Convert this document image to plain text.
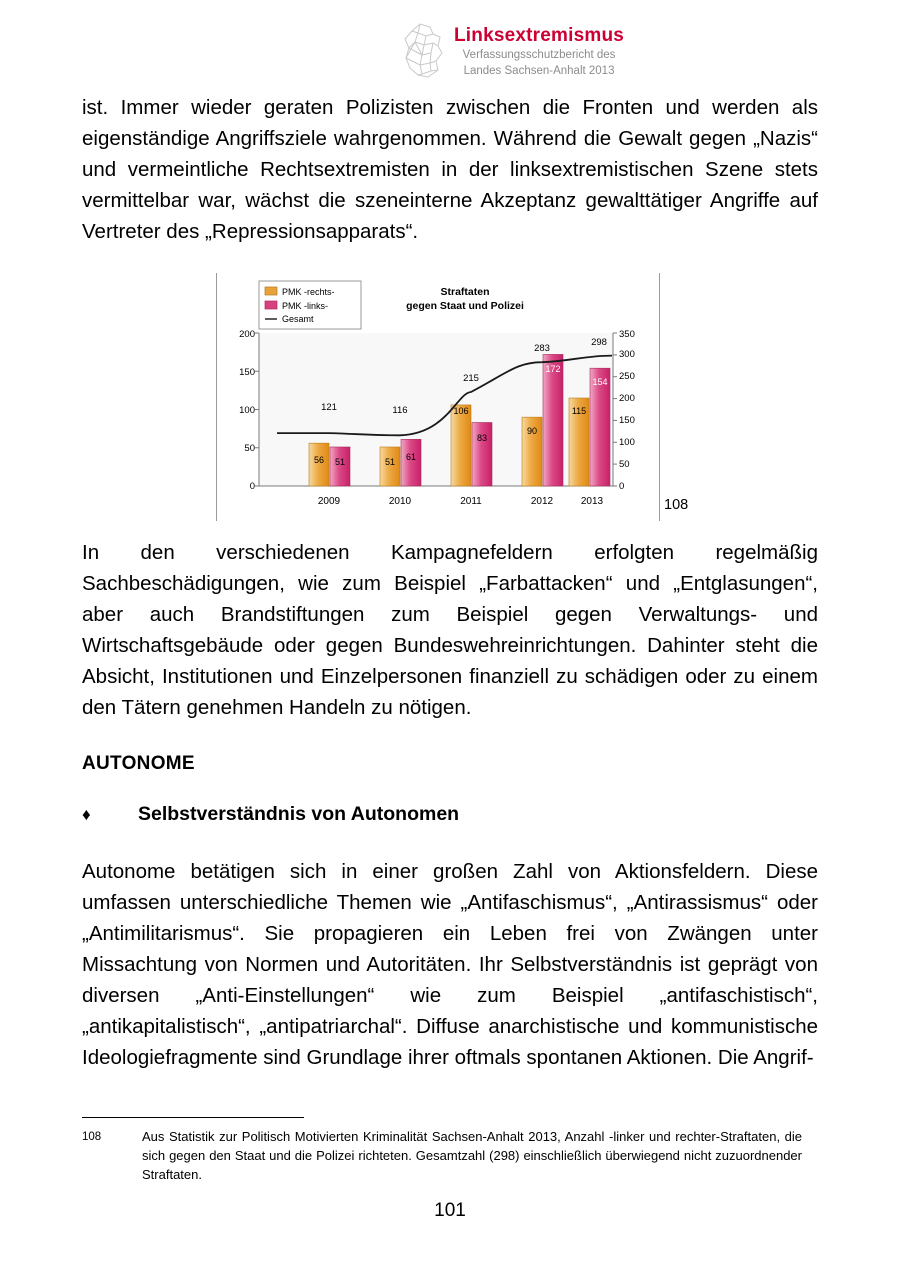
Linksextremismus
Verfassungsschutzbericht des
Landes Sachsen-Anhalt 2013

ist. Immer wieder geraten Polizisten zwischen die Fronten und werden als eigenständige Angriffsziele wahrgenommen. Während die Gewalt gegen „Nazis“ und vermeintliche Rechtsextremisten in der linksextremistischen Szene stets vermittelbar war, wächst die szeneinterne Akzeptanz gewalttätiger Angriffe auf Vertreter des „Repressionsapparats“.

PMK -rechts-
PMK -links-
Gesamt
Straftaten
gegen Staat und Polizei
0
50
100
150
200
0
50
100
150
200
250
300
350
56 51	51 61
106
83
90
172
115
154
121	116
215
283
298
2009	2010	2011	2012	2013	108

In den verschiedenen Kampagnefeldern erfolgten regelmäßig Sachbeschädigungen, wie zum Beispiel „Farbattacken“ und „Entglasungen“, aber auch Brandstiftungen zum Beispiel gegen Verwaltungs- und Wirtschaftsgebäude oder gegen Bundeswehreinrichtungen. Dahinter steht die Absicht, Institutionen und Einzelpersonen finanziell zu schädigen oder zu einem den Tätern genehmen Handeln zu nötigen.

AUTONOME
♦	Selbstverständnis von Autonomen

Autonome betätigen sich in einer großen Zahl von Aktionsfeldern. Diese umfassen unterschiedliche Themen wie „Antifaschismus“, „Antirassismus“ oder „Antimilitarismus“. Sie propagieren ein Leben frei von Zwängen unter Missachtung von Normen und Autoritäten. Ihr Selbstverständnis ist geprägt von diversen „Anti-Einstellungen“ wie zum Beispiel „antifaschistisch“, „antikapitalistisch“, „antipatriarchal“. Diffuse anarchistische und kommunistische Ideologiefragmente sind Grundlage ihrer oftmals spontanen Aktionen. Die Angrif-

108	Aus Statistik zur Politisch Motivierten Kriminalität Sachsen-Anhalt 2013, Anzahl -linker und rechter-Straftaten, die sich gegen den Staat und die Polizei richteten. Gesamtzahl (298) einschließlich überwiegend nicht zuzuordnender Straftaten.
101
